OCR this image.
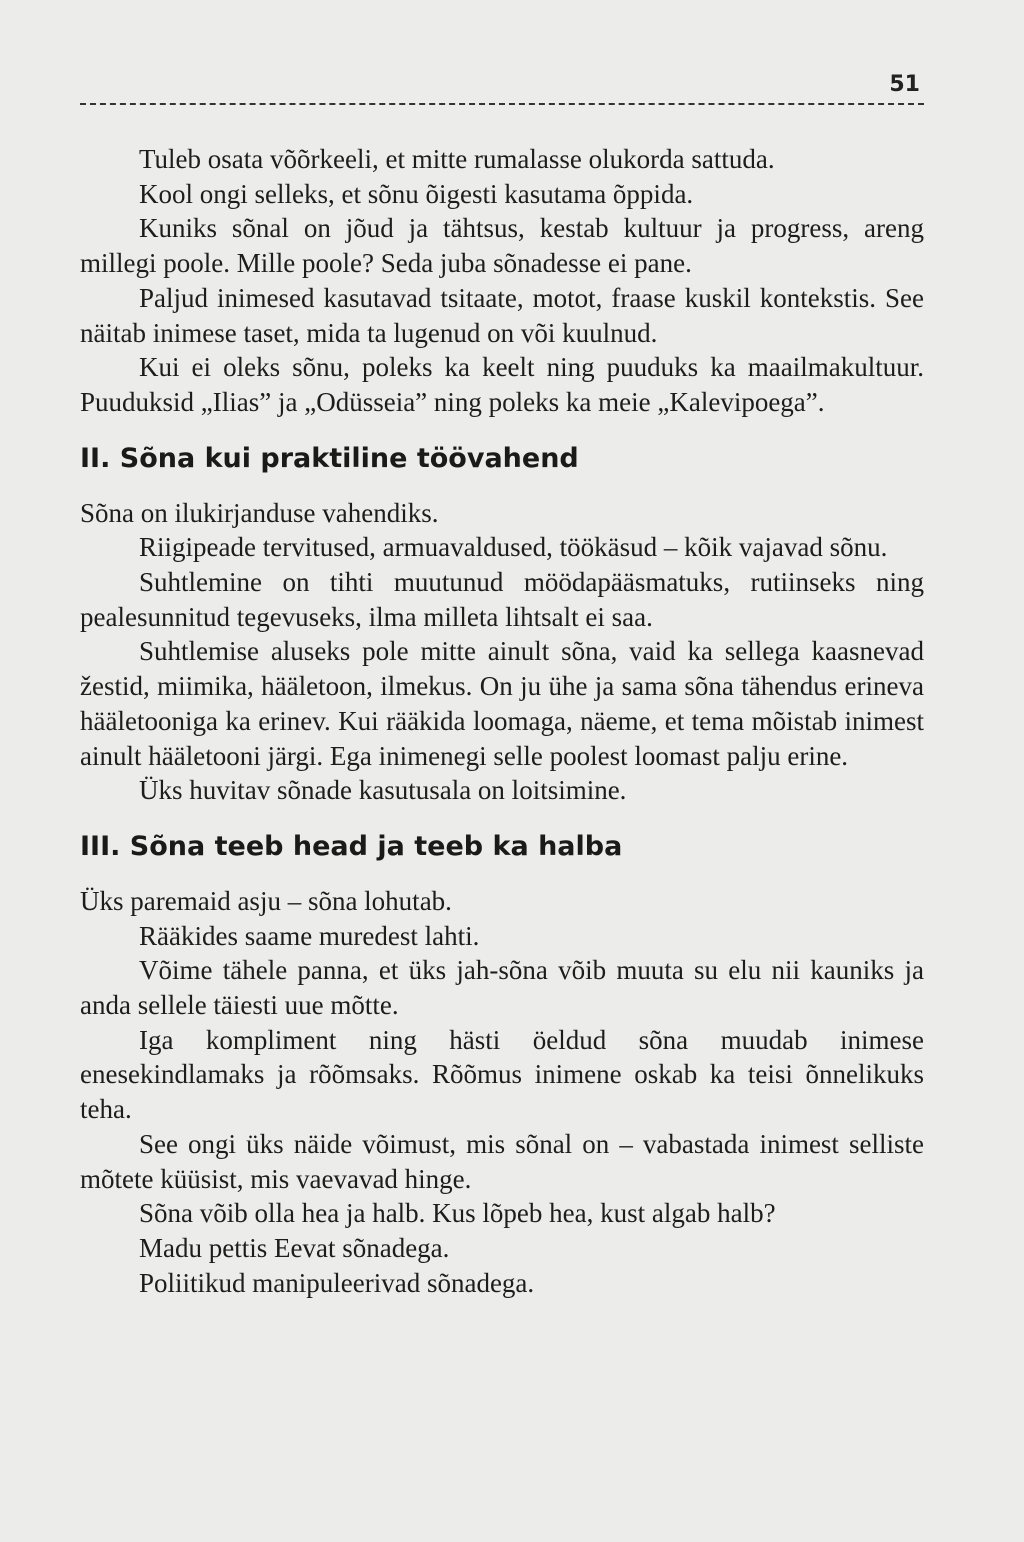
51

Tuleb osata võõrkeeli, et mitte rumalasse olukorda sattuda.

Kool ongi selleks, et sõnu õigesti kasutama õppida.

Kuniks sõnal on jõud ja tähtsus, kestab kultuur ja progress, areng millegi poole. Mille poole? Seda juba sõnadesse ei pane.

Paljud inimesed kasutavad tsitaate, motot, fraase kuskil kontekstis. See näitab inimese taset, mida ta lugenud on või kuulnud.

Kui ei oleks sõnu, poleks ka keelt ning puuduks ka maailmakultuur. Puuduksid „Ilias” ja „Odüsseia” ning poleks ka meie „Kalevipoega”.

II. Sõna kui praktiline töövahend

Sõna on ilukirjanduse vahendiks.

Riigipeade tervitused, armuavaldused, töökäsud – kõik vajavad sõnu.

Suhtlemine on tihti muutunud möödapääsmatuks, rutiinseks ning pealesunnitud tegevuseks, ilma milleta lihtsalt ei saa.

Suhtlemise aluseks pole mitte ainult sõna, vaid ka sellega kaasnevad žestid, miimika, hääletoon, ilmekus. On ju ühe ja sama sõna tähendus erineva hääletooniga ka erinev. Kui rääkida loomaga, näeme, et tema mõistab inimest ainult hääletooni järgi. Ega inimenegi selle poolest loomast palju erine.

Üks huvitav sõnade kasutusala on loitsimine.

III. Sõna teeb head ja teeb ka halba

Üks paremaid asju – sõna lohutab.

Rääkides saame muredest lahti.

Võime tähele panna, et üks jah-sõna võib muuta su elu nii kauniks ja anda sellele täiesti uue mõtte.

Iga kompliment ning hästi öeldud sõna muudab inimese enesekindlamaks ja rõõmsaks. Rõõmus inimene oskab ka teisi õnnelikuks teha.

See ongi üks näide võimust, mis sõnal on – vabastada inimest selliste mõtete küüsist, mis vaevavad hinge.

Sõna võib olla hea ja halb. Kus lõpeb hea, kust algab halb?

Madu pettis Eevat sõnadega.

Poliitikud manipuleerivad sõnadega.
